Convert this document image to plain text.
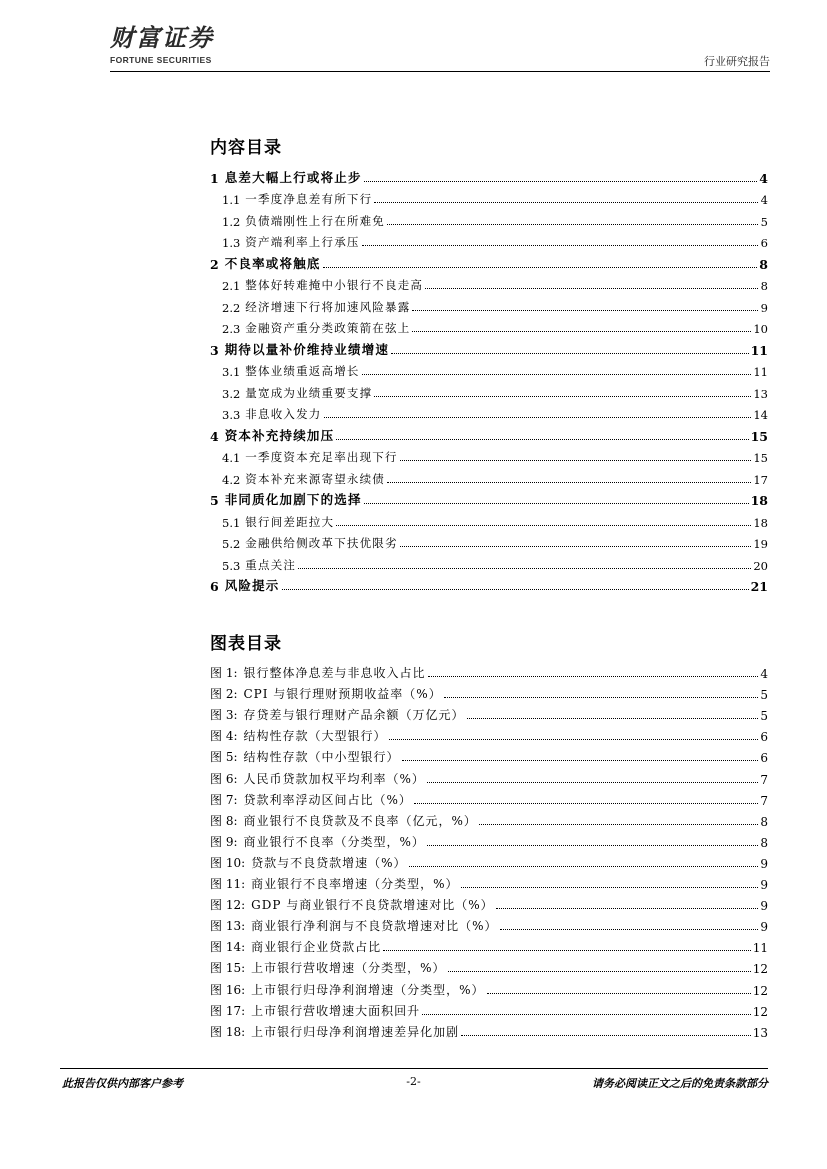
财富证券
FORTUNE SECURITIES	行业研究报告
内容目录
1 息差大幅上行或将止步	4
1.1 一季度净息差有所下行	4
1.2 负债端刚性上行在所难免	5
1.3 资产端利率上行承压	6
2 不良率或将触底	8
2.1 整体好转难掩中小银行不良走高	8
2.2 经济增速下行将加速风险暴露	9
2.3 金融资产重分类政策箭在弦上	10
3 期待以量补价维持业绩增速	11
3.1 整体业绩重返高增长	11
3.2 量宽成为业绩重要支撑	13
3.3 非息收入发力	14
4 资本补充持续加压	15
4.1 一季度资本充足率出现下行	15
4.2 资本补充来源寄望永续债	17
5 非同质化加剧下的选择	18
5.1 银行间差距拉大	18
5.2 金融供给侧改革下扶优限劣	19
5.3 重点关注	20
6 风险提示	21
图表目录
图 1: 银行整体净息差与非息收入占比	4
图 2: CPI 与银行理财预期收益率（%）	5
图 3: 存贷差与银行理财产品余额（万亿元）	5
图 4: 结构性存款（大型银行）	6
图 5: 结构性存款（中小型银行）	6
图 6: 人民币贷款加权平均利率（%）	7
图 7: 贷款利率浮动区间占比（%）	7
图 8: 商业银行不良贷款及不良率（亿元，%）	8
图 9: 商业银行不良率（分类型，%）	8
图 10: 贷款与不良贷款增速（%）	9
图 11: 商业银行不良率增速（分类型，%）	9
图 12: GDP 与商业银行不良贷款增速对比（%）	9
图 13: 商业银行净利润与不良贷款增速对比（%）	9
图 14: 商业银行企业贷款占比	11
图 15: 上市银行营收增速（分类型，%）	12
图 16: 上市银行归母净利润增速（分类型，%）	12
图 17: 上市银行营收增速大面积回升	12
图 18: 上市银行归母净利润增速差异化加剧	13
此报告仅供内部客户参考	-2-	请务必阅读正文之后的免责条款部分
